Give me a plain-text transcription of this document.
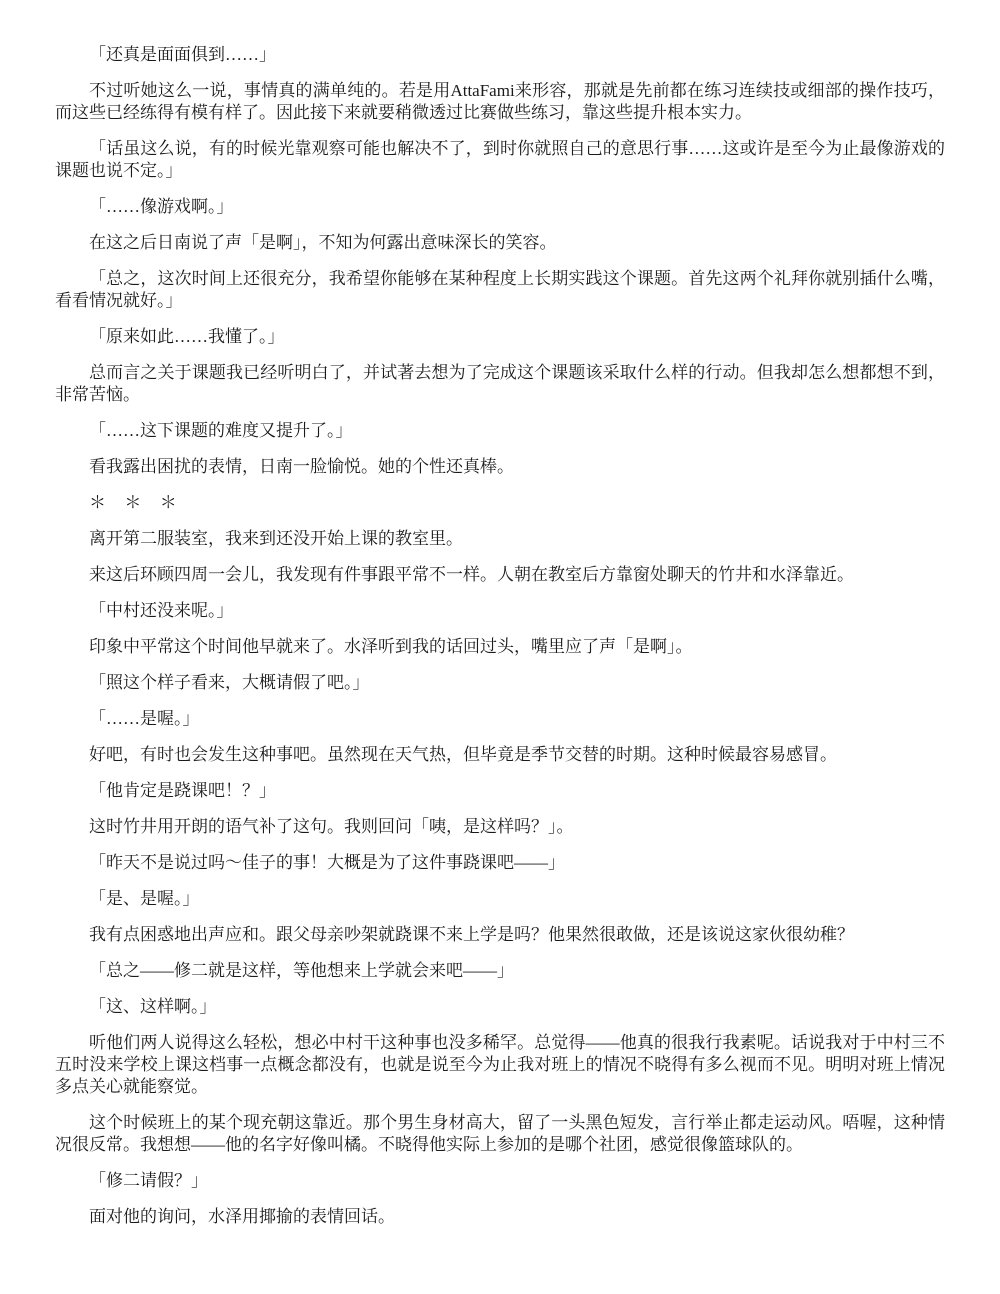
「还真是面面俱到……」

不过听她这么一说，事情真的满单纯的。若是用AttaFami来形容，那就是先前都在练习连续技或细部的操作技巧，而这些已经练得有模有样了。因此接下来就要稍微透过比赛做些练习，靠这些提升根本实力。

「话虽这么说，有的时候光靠观察可能也解决不了，到时你就照自己的意思行事……这或许是至今为止最像游戏的课题也说不定。」

「……像游戏啊。」

在这之后日南说了声「是啊」，不知为何露出意味深长的笑容。

「总之，这次时间上还很充分，我希望你能够在某种程度上长期实践这个课题。首先这两个礼拜你就别插什么嘴，看看情况就好。」

「原来如此……我懂了。」

总而言之关于课题我已经听明白了，并试著去想为了完成这个课题该采取什么样的行动。但我却怎么想都想不到，非常苦恼。

「……这下课题的难度又提升了。」

看我露出困扰的表情，日南一脸愉悦。她的个性还真棒。

＊　＊　＊

离开第二服装室，我来到还没开始上课的教室里。

来这后环顾四周一会儿，我发现有件事跟平常不一样。人朝在教室后方靠窗处聊天的竹井和水泽靠近。

「中村还没来呢。」

印象中平常这个时间他早就来了。水泽听到我的话回过头，嘴里应了声「是啊」。

「照这个样子看来，大概请假了吧。」

「……是喔。」

好吧，有时也会发生这种事吧。虽然现在天气热，但毕竟是季节交替的时期。这种时候最容易感冒。

「他肯定是跷课吧！？」

这时竹井用开朗的语气补了这句。我则回问「咦，是这样吗？」。

「昨天不是说过吗～佳子的事！大概是为了这件事跷课吧——」

「是、是喔。」

我有点困惑地出声应和。跟父母亲吵架就跷课不来上学是吗？他果然很敢做，还是该说这家伙很幼稚？

「总之——修二就是这样，等他想来上学就会来吧——」

「这、这样啊。」

听他们两人说得这么轻松，想必中村干这种事也没多稀罕。总觉得——他真的很我行我素呢。话说我对于中村三不五时没来学校上课这档事一点概念都没有，也就是说至今为止我对班上的情况不晓得有多么视而不见。明明对班上情况多点关心就能察觉。

这个时候班上的某个现充朝这靠近。那个男生身材高大，留了一头黑色短发，言行举止都走运动风。唔喔，这种情况很反常。我想想——他的名字好像叫橘。不晓得他实际上参加的是哪个社团，感觉很像篮球队的。

「修二请假？」

面对他的询问，水泽用揶揄的表情回话。
